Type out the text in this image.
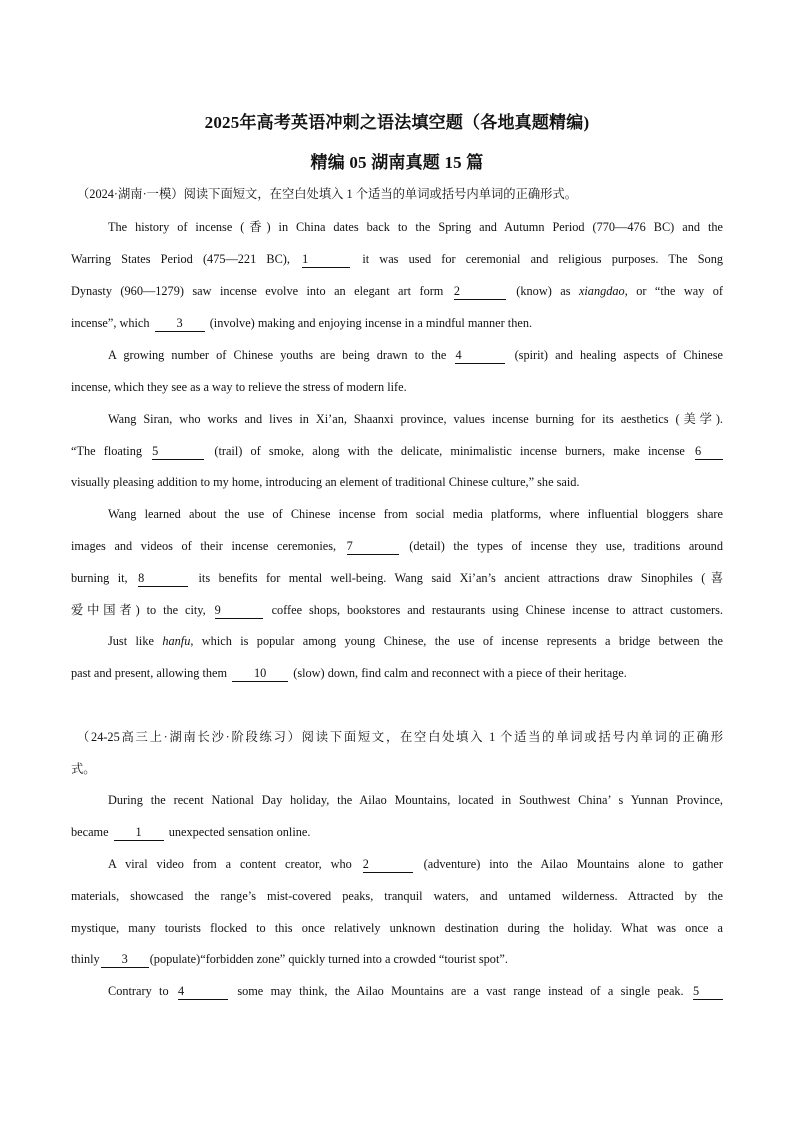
2025年高考英语冲刺之语法填空题（各地真题精编)
精编 05 湖南真题 15 篇
（2024·湖南·一模）阅读下面短文，在空白处填入 1 个适当的单词或括号内单词的正确形式。
The history of incense (香) in China dates back to the Spring and Autumn Period (770—476 BC) and the
Warring States Period (475—221 BC), 1	it was used for ceremonial and religious purposes. The Song
Dynasty (960—1279) saw incense evolve into an elegant art form 2	(know) as xiangdao, or “the way of
incense”, which 3 (involve) making and enjoying incense in a mindful manner then.
A growing number of Chinese youths are being drawn to the 4	(spirit) and healing aspects of Chinese
incense, which they see as a way to relieve the stress of modern life.
Wang Siran, who works and lives in Xi’an, Shaanxi province, values incense burning for its aesthetics (美学).
“The floating 5	(trail) of smoke, along with the delicate, minimalistic incense burners, make incense 6
visually pleasing addition to my home, introducing an element of traditional Chinese culture,” she said.
Wang learned about the use of Chinese incense from social media platforms, where influential bloggers share
images and videos of their incense ceremonies, 7	(detail) the types of incense they use, traditions around
burning it, 8	its benefits for mental well-being. Wang said Xi’an’s ancient attractions draw Sinophiles (喜
爱中国者) to the city, 9	coffee shops, bookstores and restaurants using Chinese incense to attract customers.
Just like hanfu, which is popular among young Chinese, the use of incense represents a bridge between the
past and present, allowing them 10 (slow) down, find calm and reconnect with a piece of their heritage.
（24-25高三上·湖南长沙·阶段练习）阅读下面短文，在空白处填入 1 个适当的单词或括号内单词的正确形
式。
During the recent National Day holiday, the Ailao Mountains, located in Southwest China’ s Yunnan Province,
became 1 unexpected sensation online.
A viral video from a content creator, who 2	(adventure) into the Ailao Mountains alone to gather
materials, showcased the range’s mist-covered peaks, tranquil waters, and untamed wilderness. Attracted by the
mystique, many tourists flocked to this once relatively unknown destination during the holiday. What was once a
thinly 3 (populate)“forbidden zone” quickly turned into a crowded “tourist spot”.
Contrary to 4	some may think, the Ailao Mountains are a vast range instead of a single peak. 5
